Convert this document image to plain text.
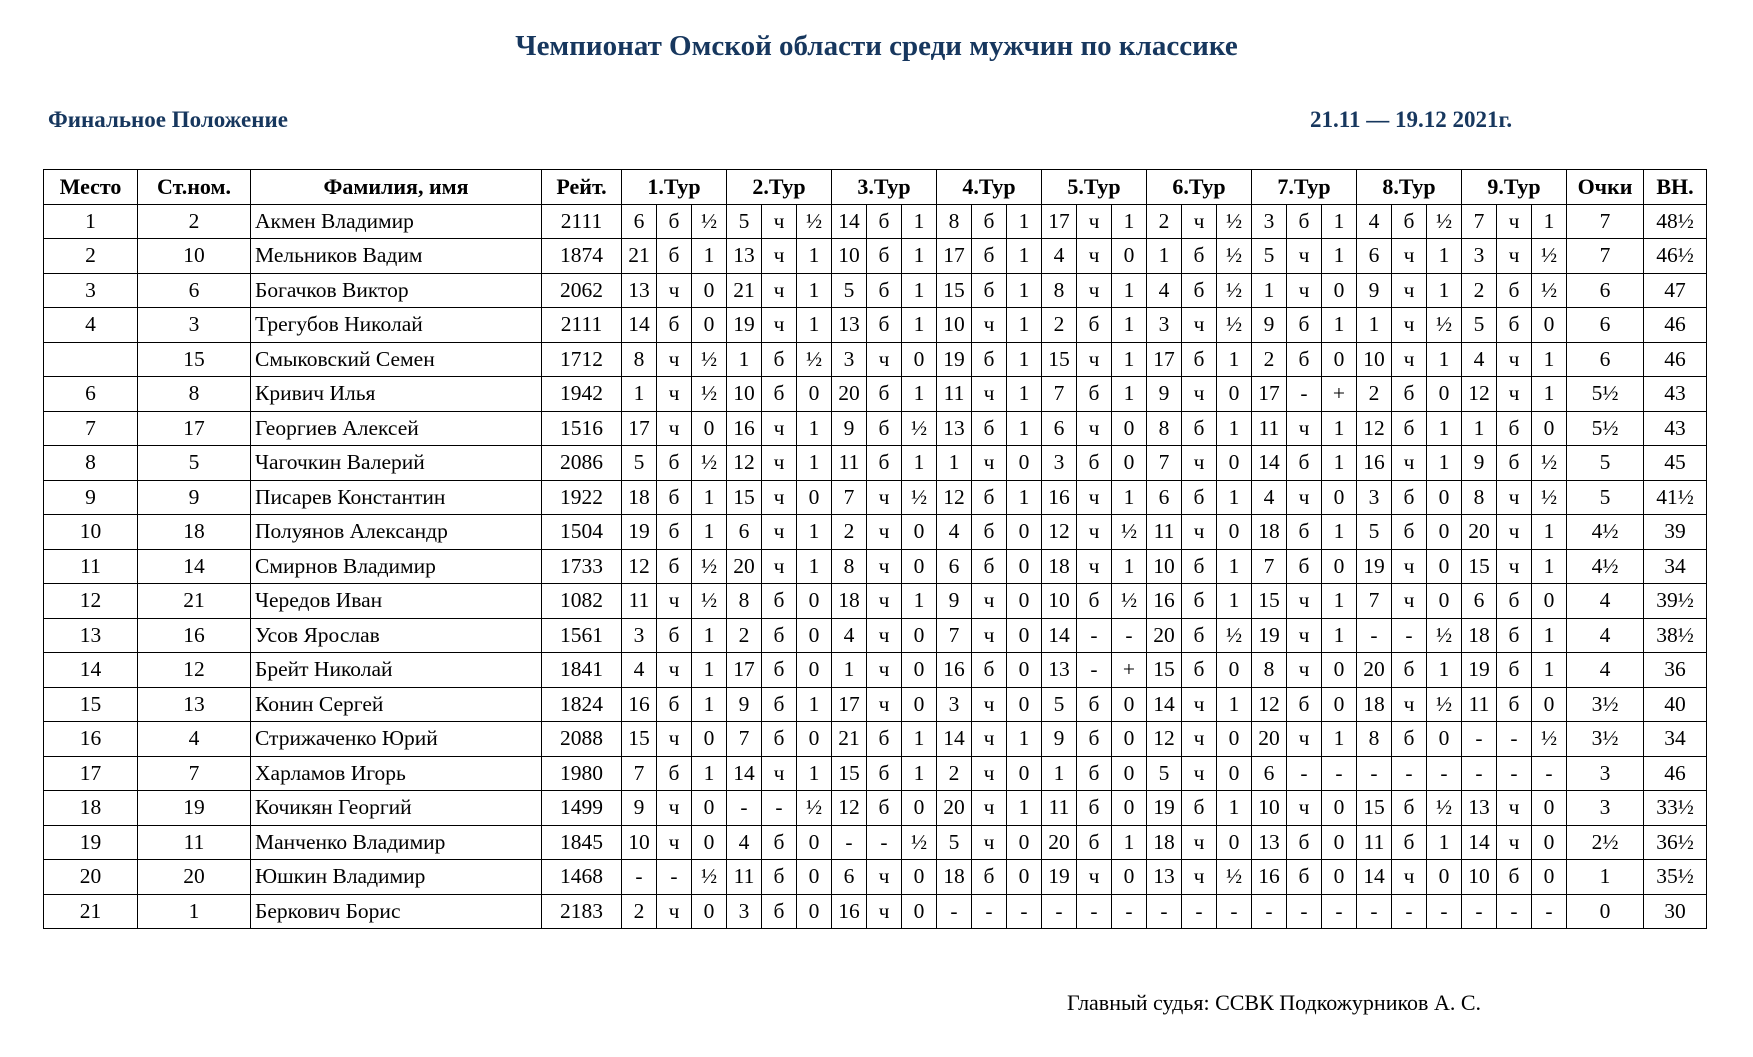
Чемпионат Омской области среди мужчин по классике
Финальное Положение	21.11 — 19.12 2021г.
Место	Ст.ном.	Фамилия, имя	Рейт.	1.Тур			2.Тур			3.Тур			4.Тур			5.Тур			6.Тур			7.Тур			8.Тур			9.Тур			Очки	ВН.
1	2	Акмен Владимир	2111	6	б	½	5	ч	½	14	б	1	8	б	1	17	ч	1	2	ч	½	3	б	1	4	б	½	7	ч	1	7	48½
2	10	Мельников Вадим	1874	21	б	1	13	ч	1	10	б	1	17	б	1	4	ч	0	1	б	½	5	ч	1	6	ч	1	3	ч	½	7	46½
3	6	Богачков Виктор	2062	13	ч	0	21	ч	1	5	б	1	15	б	1	8	ч	1	4	б	½	1	ч	0	9	ч	1	2	б	½	6	47
4	3	Трегубов Николай	2111	14	б	0	19	ч	1	13	б	1	10	ч	1	2	б	1	3	ч	½	9	б	1	1	ч	½	5	б	0	6	46
	15	Смыковский Семен	1712	8	ч	½	1	б	½	3	ч	0	19	б	1	15	ч	1	17	б	1	2	б	0	10	ч	1	4	ч	1	6	46
6	8	Кривич Илья	1942	1	ч	½	10	б	0	20	б	1	11	ч	1	7	б	1	9	ч	0	17	-	+	2	б	0	12	ч	1	5½	43
7	17	Георгиев Алексей	1516	17	ч	0	16	ч	1	9	б	½	13	б	1	6	ч	0	8	б	1	11	ч	1	12	б	1	1	б	0	5½	43
8	5	Чагочкин Валерий	2086	5	б	½	12	ч	1	11	б	1	1	ч	0	3	б	0	7	ч	0	14	б	1	16	ч	1	9	б	½	5	45
9	9	Писарев Константин	1922	18	б	1	15	ч	0	7	ч	½	12	б	1	16	ч	1	6	б	1	4	ч	0	3	б	0	8	ч	½	5	41½
10	18	Полуянов Александр	1504	19	б	1	6	ч	1	2	ч	0	4	б	0	12	ч	½	11	ч	0	18	б	1	5	б	0	20	ч	1	4½	39
11	14	Смирнов Владимир	1733	12	б	½	20	ч	1	8	ч	0	6	б	0	18	ч	1	10	б	1	7	б	0	19	ч	0	15	ч	1	4½	34
12	21	Чередов Иван	1082	11	ч	½	8	б	0	18	ч	1	9	ч	0	10	б	½	16	б	1	15	ч	1	7	ч	0	6	б	0	4	39½
13	16	Усов Ярослав	1561	3	б	1	2	б	0	4	ч	0	7	ч	0	14	-	-	20	б	½	19	ч	1	-	-	½	18	б	1	4	38½
14	12	Брейт Николай	1841	4	ч	1	17	б	0	1	ч	0	16	б	0	13	-	+	15	б	0	8	ч	0	20	б	1	19	б	1	4	36
15	13	Конин Сергей	1824	16	б	1	9	б	1	17	ч	0	3	ч	0	5	б	0	14	ч	1	12	б	0	18	ч	½	11	б	0	3½	40
16	4	Стрижаченко Юрий	2088	15	ч	0	7	б	0	21	б	1	14	ч	1	9	б	0	12	ч	0	20	ч	1	8	б	0	-	-	½	3½	34
17	7	Харламов Игорь	1980	7	б	1	14	ч	1	15	б	1	2	ч	0	1	б	0	5	ч	0	6	-	-	-	-	-	-	-	-	3	46
18	19	Кочикян Георгий	1499	9	ч	0	-	-	½	12	б	0	20	ч	1	11	б	0	19	б	1	10	ч	0	15	б	½	13	ч	0	3	33½
19	11	Манченко Владимир	1845	10	ч	0	4	б	0	-	-	½	5	ч	0	20	б	1	18	ч	0	13	б	0	11	б	1	14	ч	0	2½	36½
20	20	Юшкин Владимир	1468	-	-	½	11	б	0	6	ч	0	18	б	0	19	ч	0	13	ч	½	16	б	0	14	ч	0	10	б	0	1	35½
21	1	Беркович Борис	2183	2	ч	0	3	б	0	16	ч	0	-	-	-	-	-	-	-	-	-	-	-	-	-	-	-	-	-	-	0	30
Главный судья: ССВК Подкожурников А. С.
